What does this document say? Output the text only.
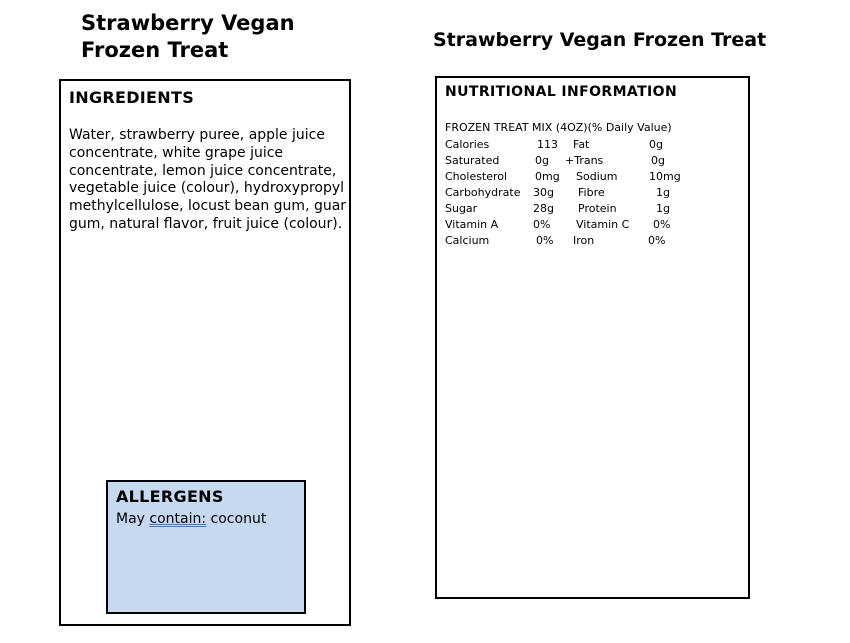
Strawberry Vegan
Frozen Treat	Strawberry Vegan Frozen Treat
INGREDIENTS

Water, strawberry puree, apple juice concentrate, white grape juice concentrate, lemon juice concentrate, vegetable juice (colour), hydroxypropyl methylcellulose, locust bean gum, guar gum, natural flavor, fruit juice (colour).

ALLERGENS

May contain: coconut

NUTRITIONAL INFORMATION

FROZEN TREAT MIX (4OZ)(% Daily Value)

Calories	113 Fat	0g
Saturated	0g +Trans	0g
Cholesterol	0mg Sodium	10mg
Carbohydrate 30g Fibre	1g
Sugar	28g Protein	1g
Vitamin A	0% Vitamin C 0%
Calcium	0% Iron	0%
